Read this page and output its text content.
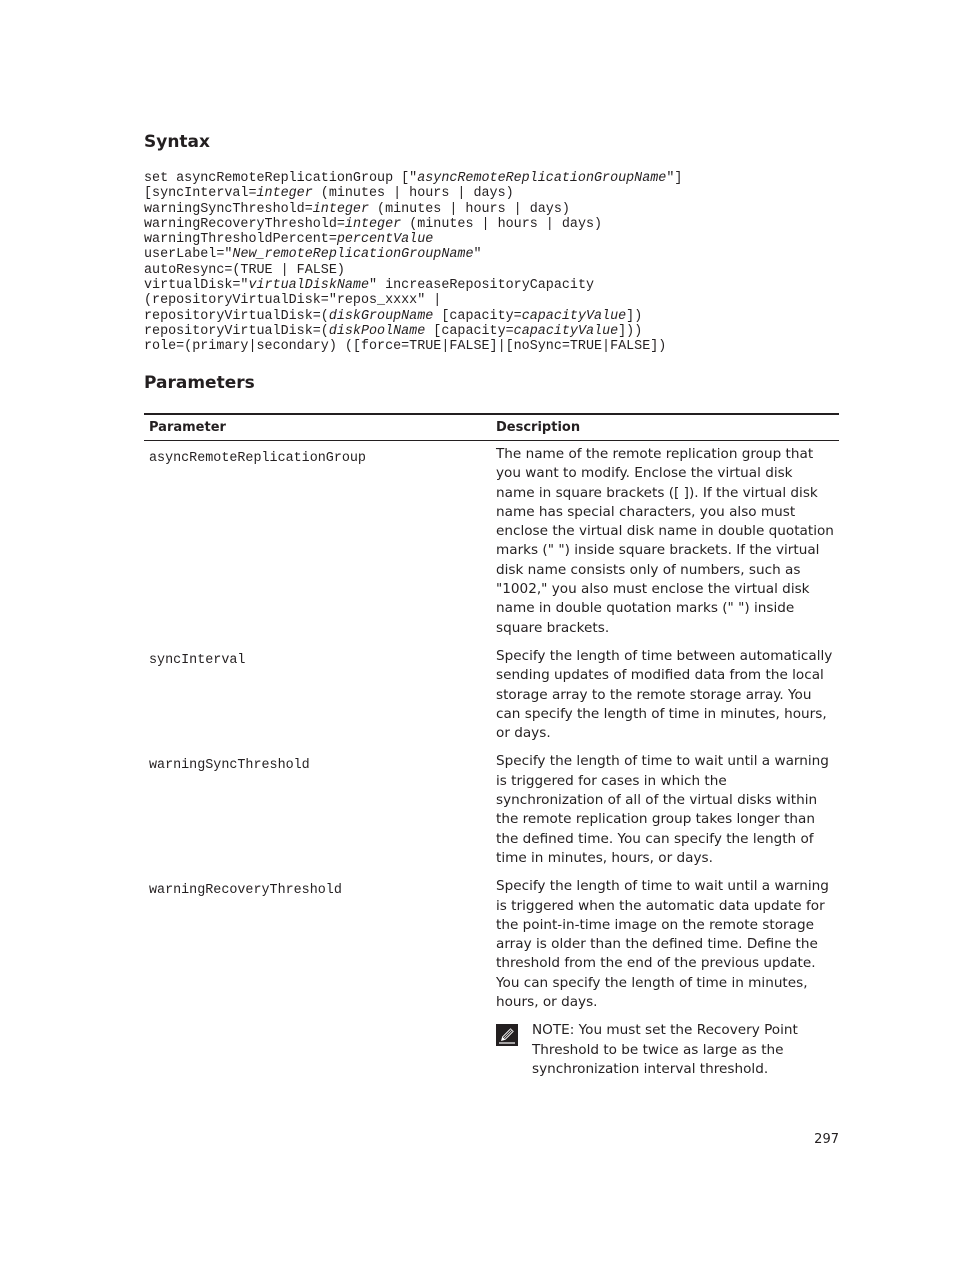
Syntax
set asyncRemoteReplicationGroup ["asyncRemoteReplicationGroupName"]
[syncInterval=integer (minutes | hours | days)
warningSyncThreshold=integer (minutes | hours | days)
warningRecoveryThreshold=integer (minutes | hours | days)
warningThresholdPercent=percentValue
userLabel="New_remoteReplicationGroupName"
autoResync=(TRUE | FALSE)
virtualDisk="virtualDiskName" increaseRepositoryCapacity
(repositoryVirtualDisk="repos_xxxx" |
repositoryVirtualDisk=(diskGroupName [capacity=capacityValue])
repositoryVirtualDisk=(diskPoolName [capacity=capacityValue]))
role=(primary|secondary) ([force=TRUE|FALSE]|[noSync=TRUE|FALSE])
Parameters
Parameter	Description
asyncRemoteReplicationGroup	The name of the remote replication group that you want to modify. Enclose the virtual disk name in square brackets ([ ]). If the virtual disk name has special characters, you also must enclose the virtual disk name in double quotation marks (" ") inside square brackets. If the virtual disk name consists only of numbers, such as "1002," you also must enclose the virtual disk name in double quotation marks (" ") inside square brackets.
syncInterval	Specify the length of time between automatically sending updates of modified data from the local storage array to the remote storage array. You can specify the length of time in minutes, hours, or days.
warningSyncThreshold	Specify the length of time to wait until a warning is triggered for cases in which the synchronization of all of the virtual disks within the remote replication group takes longer than the defined time. You can specify the length of time in minutes, hours, or days.
warningRecoveryThreshold	Specify the length of time to wait until a warning is triggered when the automatic data update for the point-in-time image on the remote storage array is older than the defined time. Define the threshold from the end of the previous update. You can specify the length of time in minutes, hours, or days.
NOTE: You must set the Recovery Point Threshold to be twice as large as the synchronization interval threshold.
297
